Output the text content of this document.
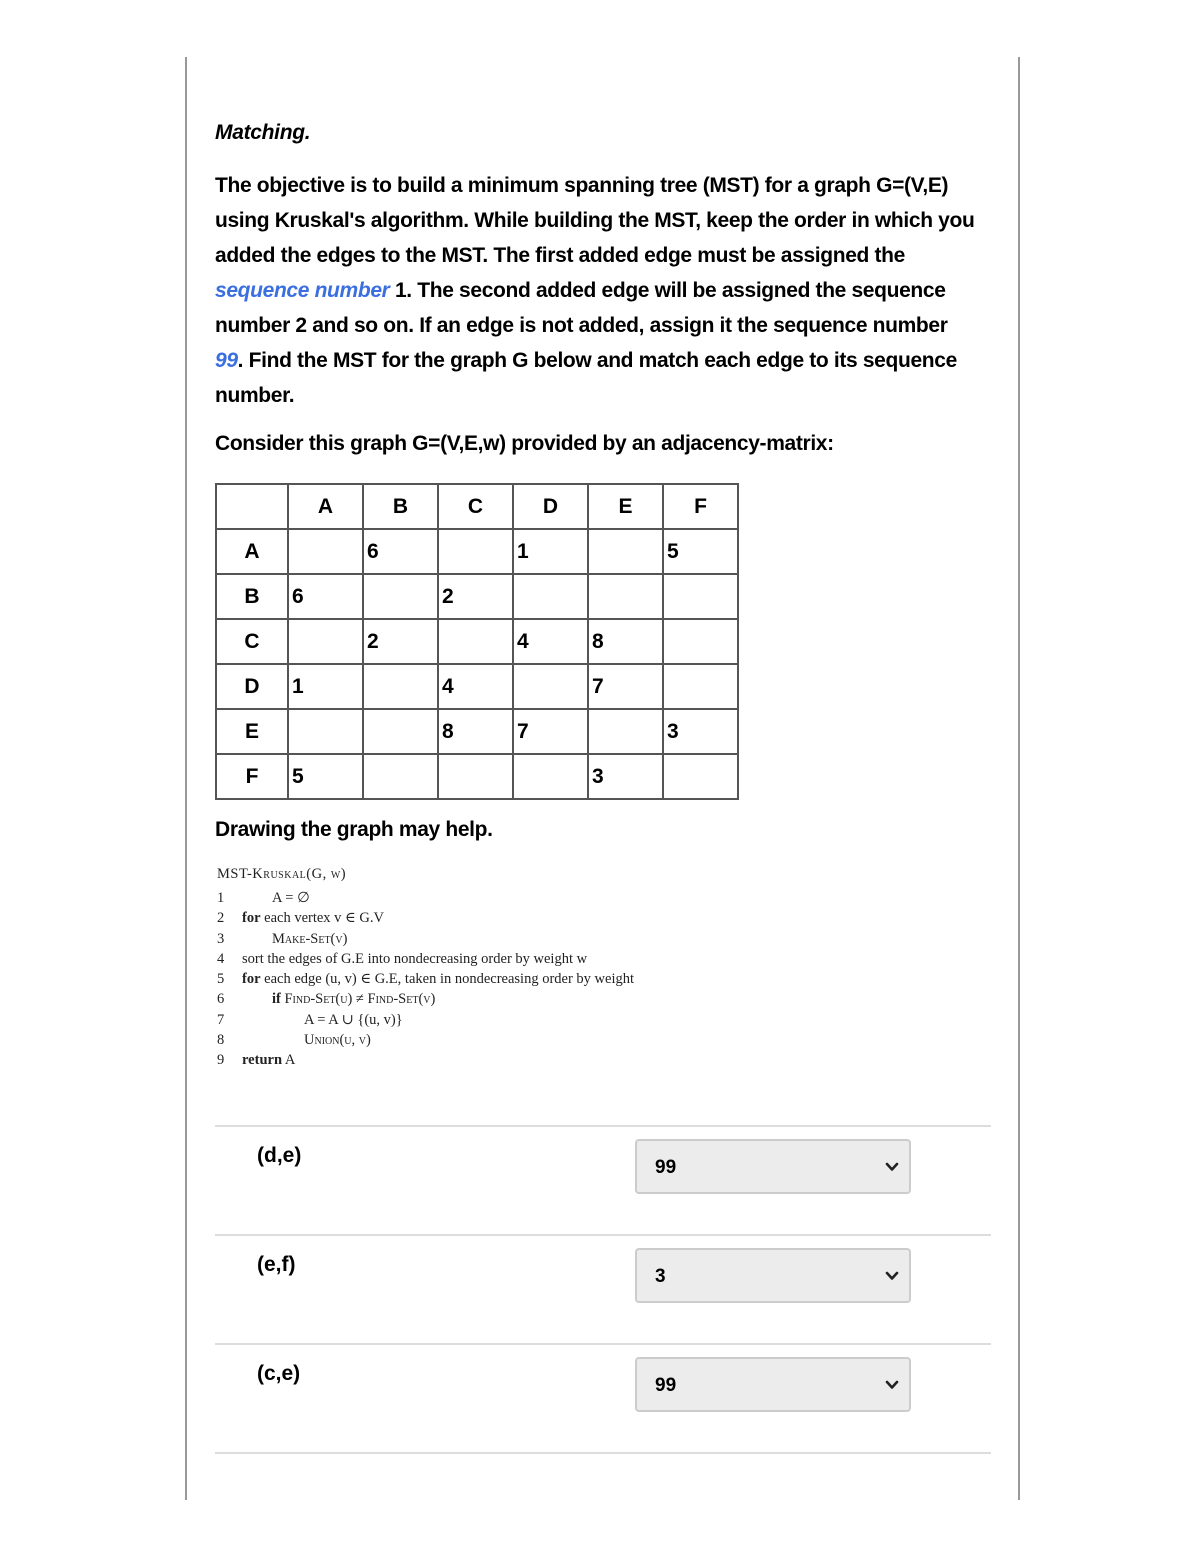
Matching.
The objective is to build a minimum spanning tree (MST) for a graph G=(V,E) using Kruskal's algorithm. While building the MST, keep the order in which you added the edges to the MST. The first added edge must be assigned the sequence number 1. The second added edge will be assigned the sequence number 2 and so on. If an edge is not added, assign it the sequence number 99. Find the MST for the graph G below and match each edge to its sequence number.
Consider this graph G=(V,E,w) provided by an adjacency-matrix:
	A	B	C	D	E	F
A		6		1		5
B	6		2			
C		2		4	8	
D	1		4		7	
E			8	7		3
F	5				3	
Drawing the graph may help.
MST-Kruskal(G, w)
1	A = ∅
2 for each vertex v ∈ G.V
3	Make-Set(v)
4 sort the edges of G.E into nondecreasing order by weight w
5 for each edge (u, v) ∈ G.E, taken in nondecreasing order by weight
6	if Find-Set(u) ≠ Find-Set(v)
7	A = A ∪ {(u, v)}
8	Union(u, v)
9 return A
(d,e)
99
(e,f)
3
(c,e)
99
